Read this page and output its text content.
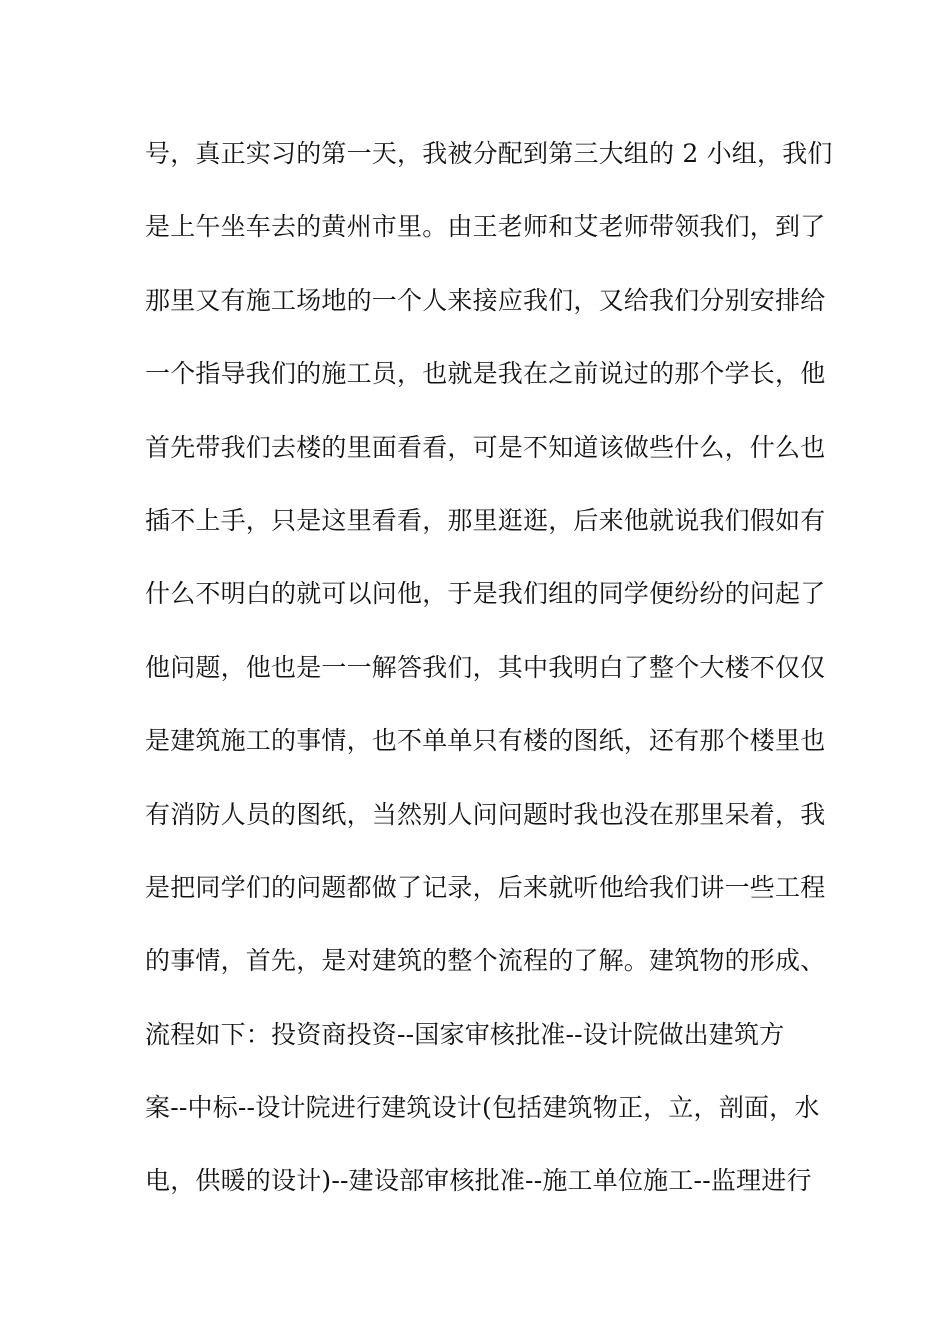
号，真正实习的第一天，我被分配到第三大组的 2 小组，我们
是上午坐车去的黄州市里。由王老师和艾老师带领我们，到了
那里又有施工场地的一个人来接应我们，又给我们分别安排给
一个指导我们的施工员，也就是我在之前说过的那个学长，他
首先带我们去楼的里面看看，可是不知道该做些什么，什么也
插不上手，只是这里看看，那里逛逛，后来他就说我们假如有
什么不明白的就可以问他，于是我们组的同学便纷纷的问起了
他问题，他也是一一解答我们，其中我明白了整个大楼不仅仅
是建筑施工的事情，也不单单只有楼的图纸，还有那个楼里也
有消防人员的图纸，当然别人问问题时我也没在那里呆着，我
是把同学们的问题都做了记录，后来就听他给我们讲一些工程
的事情，首先，是对建筑的整个流程的了解。建筑物的形成、
流程如下：投资商投资--国家审核批准--设计院做出建筑方
案--中标--设计院进行建筑设计(包括建筑物正，立，剖面，水
电，供暖的设计)--建设部审核批准--施工单位施工--监理进行
